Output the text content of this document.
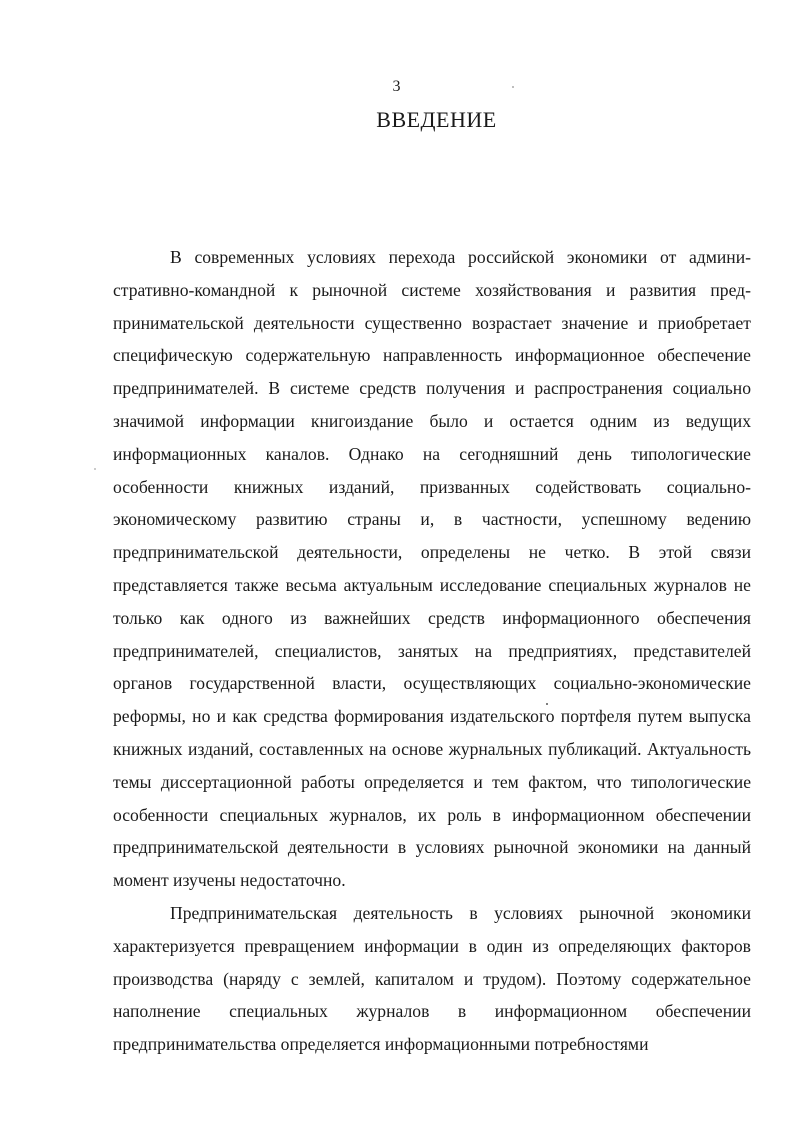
3
ВВЕДЕНИЕ

В современных условиях перехода российской экономики от административно-командной к рыночной системе хозяйствования и развития предпринимательской деятельности существенно возрастает значение и приобретает специфическую содержательную направленность информационное обеспечение предпринимателей. В системе средств получения и распространения социально значимой информации книгоиздание было и остается одним из ведущих информационных каналов. Однако на сегодняшний день типологические особенности книжных изданий, призванных содействовать социально-экономическому развитию страны и, в частности, успешному ведению предпринимательской деятельности, определены не четко. В этой связи представляется также весьма актуальным исследование специальных журналов не только как одного из важнейших средств информационного обеспечения предпринимателей, специалистов, занятых на предприятиях, представителей органов государственной власти, осуществляющих социально-экономические реформы, но и как средства формирования издательского портфеля путем выпуска книжных изданий, составленных на основе журнальных публикаций. Актуальность темы диссертационной работы определяется и тем фактом, что типологические особенности специальных журналов, их роль в информационном обеспечении предпринимательской деятельности в условиях рыночной экономики на данный момент изучены недостаточно.

Предпринимательская деятельность в условиях рыночной экономики характеризуется превращением информации в один из определяющих факторов производства (наряду с землей, капиталом и трудом). Поэтому содержательное наполнение специальных журналов в информационном обеспечении предпринимательства определяется информационными потребностями
